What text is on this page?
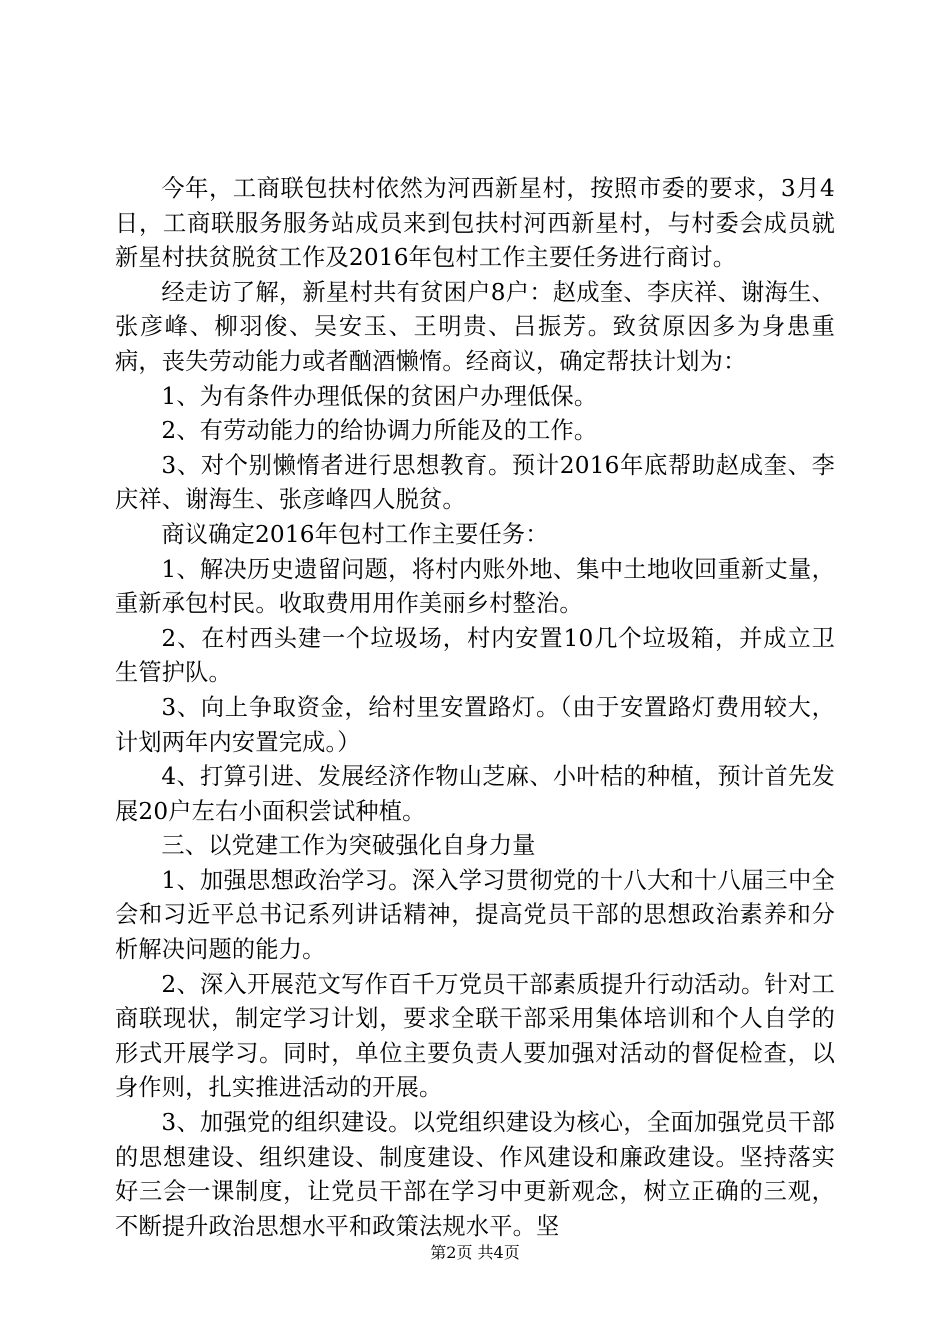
今年，工商联包扶村依然为河西新星村，按照市委的要求，3月4日，工商联服务服务站成员来到包扶村河西新星村，与村委会成员就新星村扶贫脱贫工作及2016年包村工作主要任务进行商讨。

经走访了解，新星村共有贫困户8户：赵成奎、李庆祥、谢海生、张彦峰、柳羽俊、吴安玉、王明贵、吕振芳。致贫原因多为身患重病，丧失劳动能力或者酗酒懒惰。经商议，确定帮扶计划为：

1、为有条件办理低保的贫困户办理低保。

2、有劳动能力的给协调力所能及的工作。

3、对个别懒惰者进行思想教育。预计2016年底帮助赵成奎、李庆祥、谢海生、张彦峰四人脱贫。

商议确定2016年包村工作主要任务：

1、解决历史遗留问题，将村内账外地、集中土地收回重新丈量，重新承包村民。收取费用用作美丽乡村整治。

2、在村西头建一个垃圾场，村内安置10几个垃圾箱，并成立卫生管护队。

3、向上争取资金，给村里安置路灯。（由于安置路灯费用较大，计划两年内安置完成。）

4、打算引进、发展经济作物山芝麻、小叶桔的种植，预计首先发展20户左右小面积尝试种植。

三、以党建工作为突破强化自身力量

1、加强思想政治学习。深入学习贯彻党的十八大和十八届三中全会和习近平总书记系列讲话精神，提高党员干部的思想政治素养和分析解决问题的能力。

2、深入开展范文写作百千万党员干部素质提升行动活动。针对工商联现状，制定学习计划，要求全联干部采用集体培训和个人自学的形式开展学习。同时，单位主要负责人要加强对活动的督促检查，以身作则，扎实推进活动的开展。

3、加强党的组织建设。以党组织建设为核心，全面加强党员干部的思想建设、组织建设、制度建设、作风建设和廉政建设。坚持落实好三会一课制度，让党员干部在学习中更新观念，树立正确的三观，不断提升政治思想水平和政策法规水平。坚

第2页 共4页
